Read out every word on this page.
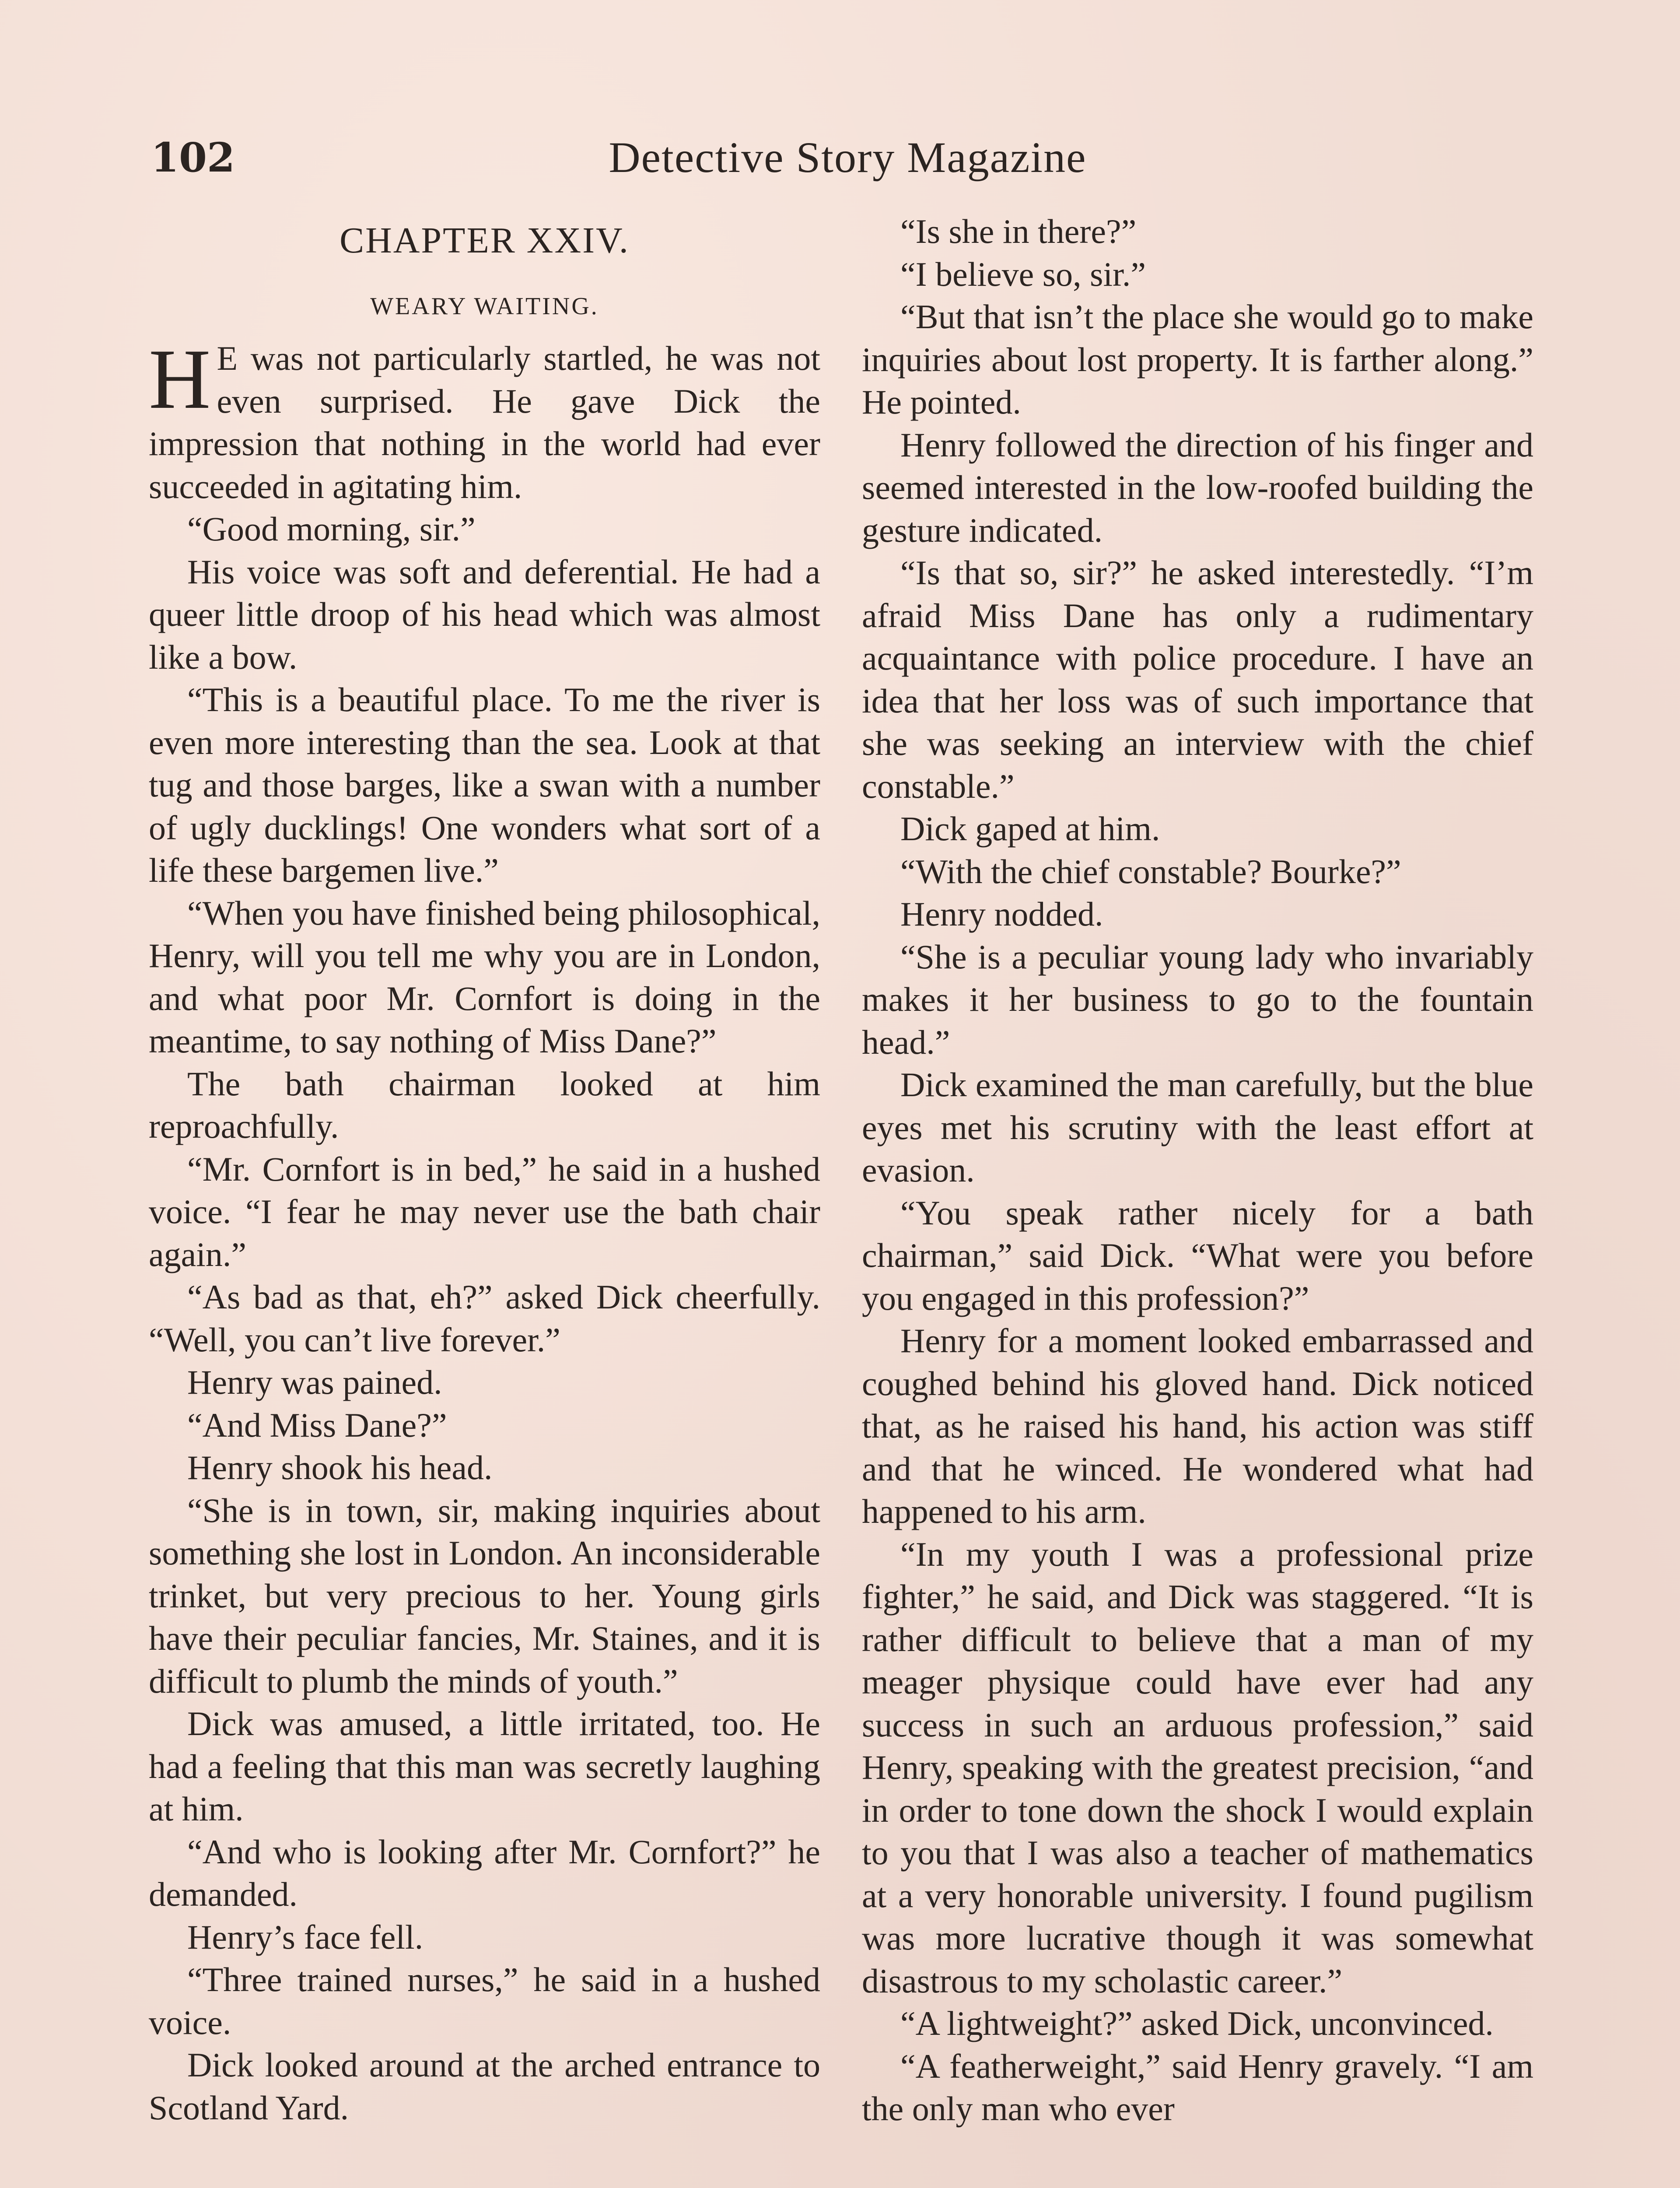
102	Detective Story Magazine
CHAPTER XXIV.
WEARY WAITING.

H E was not particularly startled, he was not even surprised. He gave Dick the impression that nothing in the world had ever succeeded in agitating him.

“Good morning, sir.”

His voice was soft and deferential. He had a queer little droop of his head which was almost like a bow.

“This is a beautiful place. To me the river is even more interesting than the sea. Look at that tug and those barges, like a swan with a number of ugly ducklings! One wonders what sort of a life these bargemen live.”

“When you have finished being philosophical, Henry, will you tell me why you are in London, and what poor Mr. Cornfort is doing in the meantime, to say nothing of Miss Dane?”

The bath chairman looked at him reproachfully.

“Mr. Cornfort is in bed,” he said in a hushed voice. “I fear he may never use the bath chair again.”

“As bad as that, eh?” asked Dick cheerfully. “Well, you can’t live forever.”

Henry was pained.

“And Miss Dane?”

Henry shook his head.

“She is in town, sir, making inquiries about something she lost in London. An inconsiderable trinket, but very precious to her. Young girls have their peculiar fancies, Mr. Staines, and it is difficult to plumb the minds of youth.”

Dick was amused, a little irritated, too. He had a feeling that this man was secretly laughing at him.

“And who is looking after Mr. Cornfort?” he demanded.

Henry’s face fell.

“Three trained nurses,” he said in a hushed voice.

Dick looked around at the arched entrance to Scotland Yard.

“Is she in there?”

“I believe so, sir.”

“But that isn’t the place she would go to make inquiries about lost property. It is farther along.” He pointed.

Henry followed the direction of his finger and seemed interested in the low-roofed building the gesture indicated.

“Is that so, sir?” he asked interestedly. “I’m afraid Miss Dane has only a rudimentary acquaintance with police procedure. I have an idea that her loss was of such importance that she was seeking an interview with the chief constable.”

Dick gaped at him.

“With the chief constable? Bourke?”

Henry nodded.

“She is a peculiar young lady who invariably makes it her business to go to the fountain head.”

Dick examined the man carefully, but the blue eyes met his scrutiny with the least effort at evasion.

“You speak rather nicely for a bath chairman,” said Dick. “What were you before you engaged in this profession?”

Henry for a moment looked embarrassed and coughed behind his gloved hand. Dick noticed that, as he raised his hand, his action was stiff and that he winced. He wondered what had happened to his arm.

“In my youth I was a professional prize fighter,” he said, and Dick was staggered. “It is rather difficult to believe that a man of my meager physique could have ever had any success in such an arduous profession,” said Henry, speaking with the greatest precision, “and in order to tone down the shock I would explain to you that I was also a teacher of mathematics at a very honorable university. I found pugilism was more lucrative though it was somewhat disastrous to my scholastic career.”

“A lightweight?” asked Dick, unconvinced.

“A featherweight,” said Henry gravely. “I am the only man who ever
